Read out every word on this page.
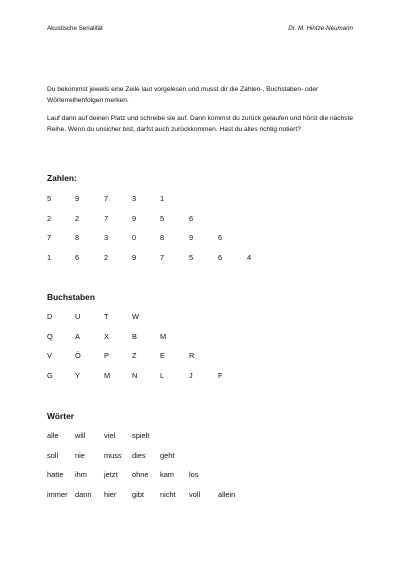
Akustische Serialität	Dr. M. Hintze-Neumann
Du bekommst jeweils eine Zeile laut vorgelesen und musst dir die Zahlen-, Buchstaben- oder Wörterreihenfolgen merken.
Lauf dann auf deinen Platz und schreibe sie auf. Dann kommst du zurück gelaufen und hörst die nächste Reihe. Wenn du unsicher bist, darfst auch zurückkommen. Hast du alles richtig notiert?
Zahlen:
5	9	7	3	1
2	2	7	9	5	6
7	8	3	0	8	9	6
1	6	2	9	7	5	6	4
Buchstaben
D	U	T	W
Q	A	X	B	M
V	Ö	P	Z	E	R
G	Y	M	N	L	J	F
Wörter
alle will	viel spielt
soll nie	muss dies geht
hatte ihm jetzt ohne kam los
immer dann hier gibt nicht voll allein
